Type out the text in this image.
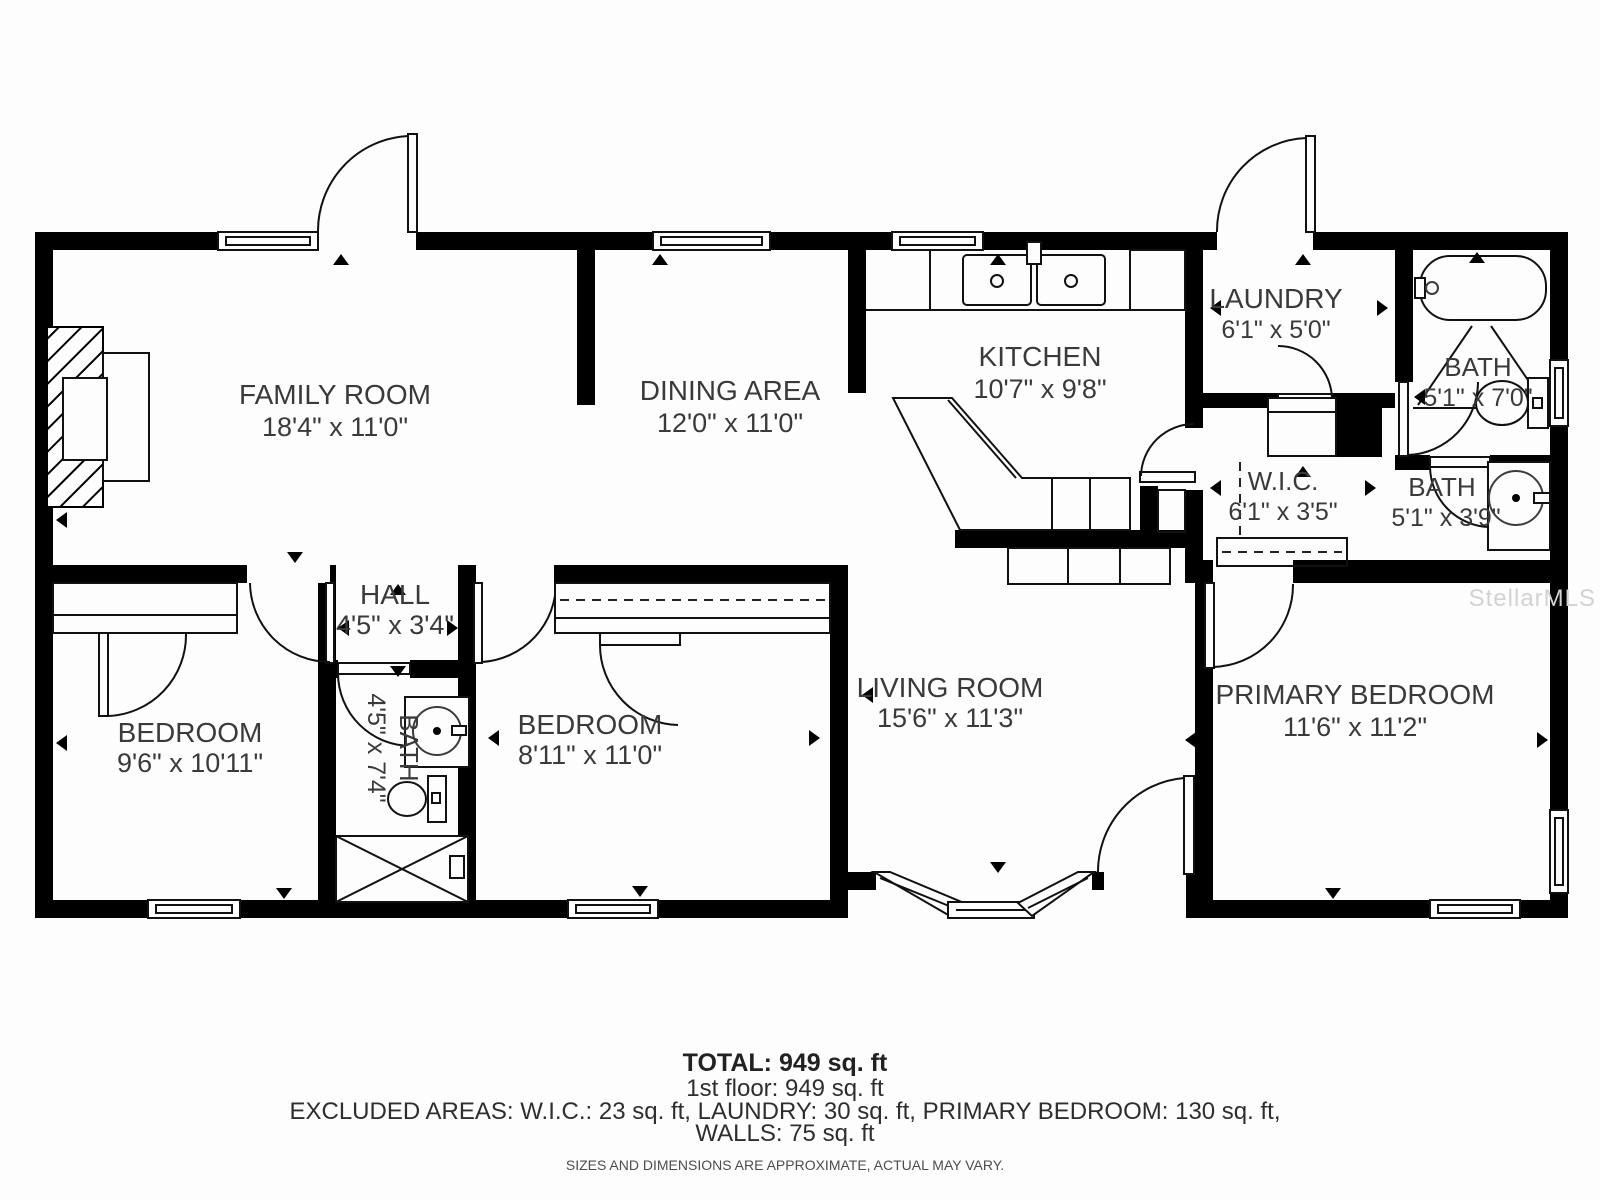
FAMILY ROOM
18'4" x 11'0"
DINING AREA
12'0" x 11'0"
KITCHEN
10'7" x 9'8"
LAUNDRY
6'1" x 5'0"
BATH
5'1" x 7'0"
W.I.C.
6'1" x 3'5"
BATH
5'1" x 3'9"
HALL
4'5" x 3'4"
BEDROOM
9'6" x 10'11"	BATH
4'5" x 7'4"	BEDROOM
8'11" x 11'0"
LIVING ROOM
15'6" x 11'3"
PRIMARY BEDROOM
11'6" x 11'2"
StellarMLS
TOTAL: 949 sq. ft
1st floor: 949 sq. ft
EXCLUDED AREAS: W.I.C.: 23 sq. ft, LAUNDRY: 30 sq. ft, PRIMARY BEDROOM: 130 sq. ft,
WALLS: 75 sq. ft
SIZES AND DIMENSIONS ARE APPROXIMATE, ACTUAL MAY VARY.
